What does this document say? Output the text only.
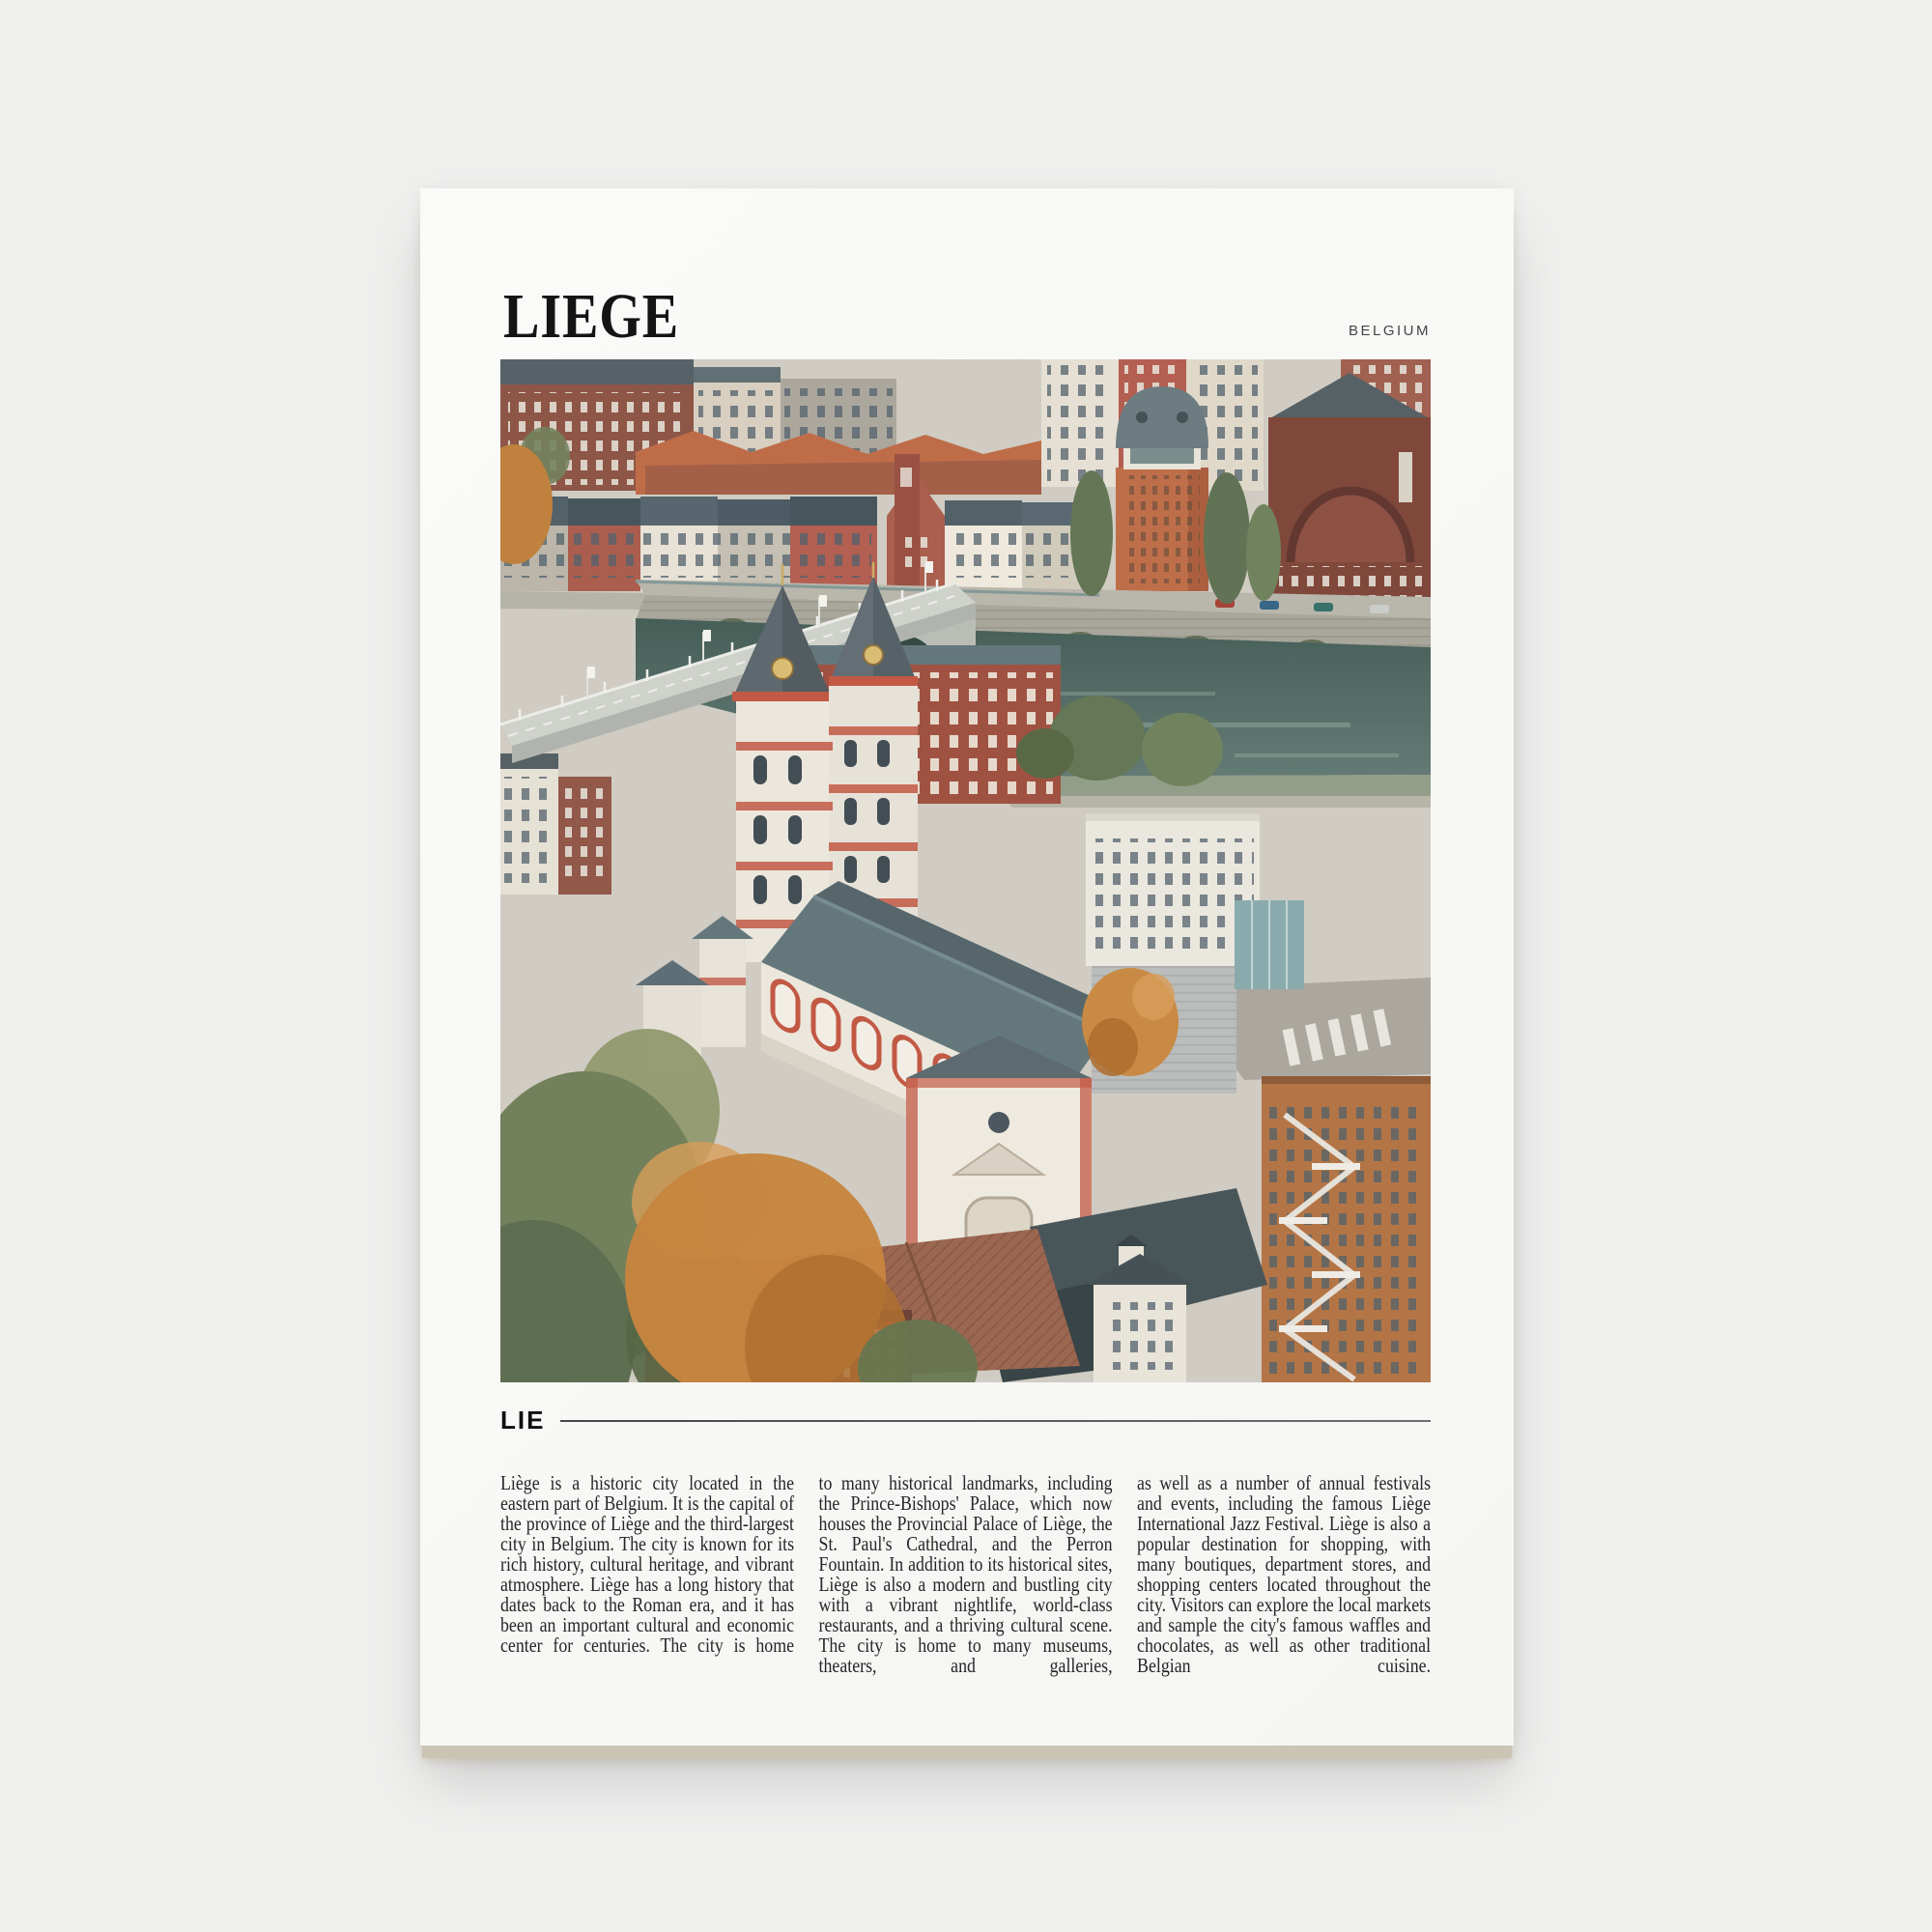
LIEGE	BELGIUM
LIE
Liège is a historic city located in the eastern part of Belgium. It is the capital of the province of Liège and the third-largest city in Belgium. The city is known for its rich history, cultural heritage, and vibrant atmosphere. Liège has a long history that dates back to the Roman era, and it has been an important cultural and economic center for centuries. The city is home
to many historical landmarks, including the Prince-Bishops' Palace, which now houses the Provincial Palace of Liège, the St. Paul's Cathedral, and the Perron Fountain. In addition to its historical sites, Liège is also a modern and bustling city with a vibrant nightlife, world-class restaurants, and a thriving cultural scene. The city is home to many museums, theaters, and galleries,
as well as a number of annual festivals and events, including the famous Liège International Jazz Festival. Liège is also a popular destination for shopping, with many boutiques, department stores, and shopping centers located throughout the city. Visitors can explore the local markets and sample the city's famous waffles and chocolates, as well as other traditional Belgian cuisine.
